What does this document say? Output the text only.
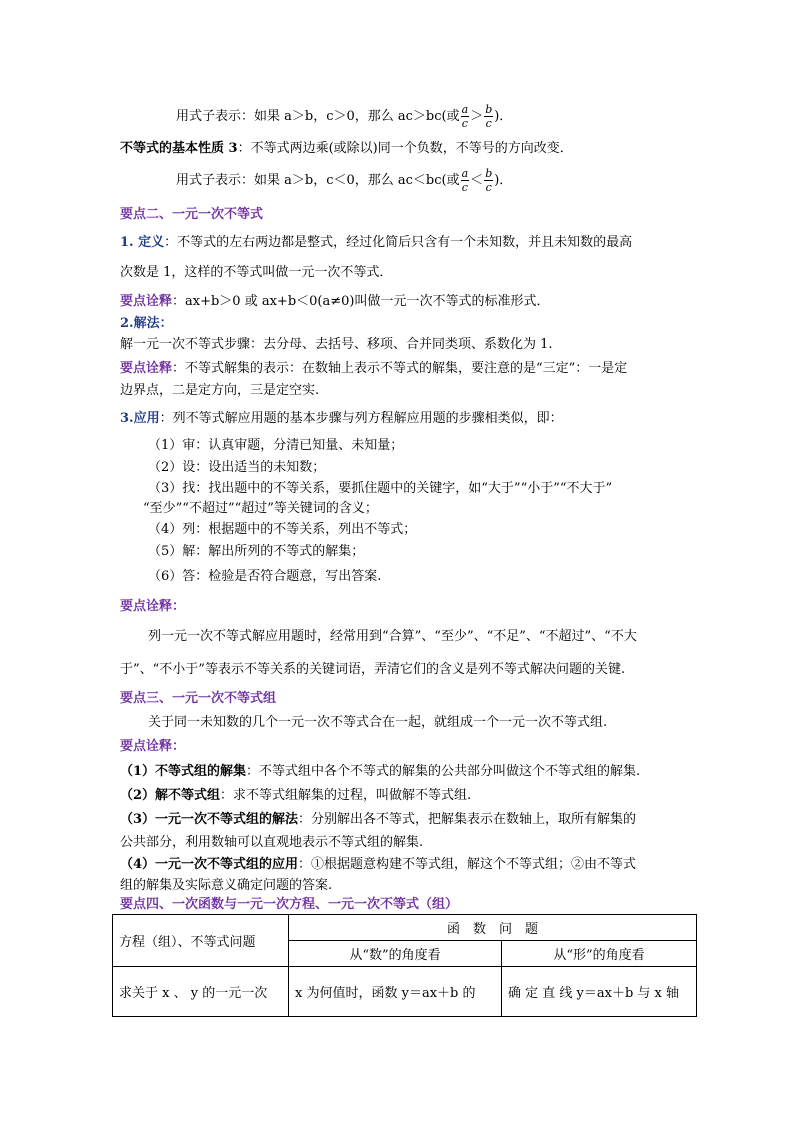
用式子表示：如果 a＞b，c＞0，那么 ac＞bc(或 $\frac{a}{c} > \frac{b}{c}$ )．
不等式的基本性质 3：不等式两边乘(或除以)同一个负数，不等号的方向改变．
用式子表示：如果 a＞b，c＜0，那么 ac＜bc(或 $\frac{a}{c} < \frac{b}{c}$ )．
要点二、一元一次不等式
1. 定义：不等式的左右两边都是整式，经过化简后只含有一个未知数，并且未知数的最高
次数是 1，这样的不等式叫做一元一次不等式．
要点诠释：ax+b＞0 或 ax+b＜0(a≠0)叫做一元一次不等式的标准形式．
2.解法：
解一元一次不等式步骤：去分母、去括号、移项、合并同类项、系数化为 1.
要点诠释：不等式解集的表示：在数轴上表示不等式的解集，要注意的是“三定”：一是定
边界点，二是定方向，三是定空实.
3.应用：列不等式解应用题的基本步骤与列方程解应用题的步骤相类似，即：
（1）审：认真审题，分清已知量、未知量；
（2）设：设出适当的未知数；
（3）找：找出题中的不等关系，要抓住题中的关键字，如“大于”“小于”“不大于”
“至少”“不超过”“超过”等关键词的含义；
（4）列：根据题中的不等关系，列出不等式；
（5）解：解出所列的不等式的解集；
（6）答：检验是否符合题意，写出答案.
要点诠释：
列一元一次不等式解应用题时，经常用到“合算”、“至少”、“不足”、“不超过”、“不大
于”、“不小于”等表示不等关系的关键词语，弄清它们的含义是列不等式解决问题的关键.
要点三、一元一次不等式组
关于同一未知数的几个一元一次不等式合在一起，就组成一个一元一次不等式组.
要点诠释：
（1）不等式组的解集：不等式组中各个不等式的解集的公共部分叫做这个不等式组的解集.
（2）解不等式组：求不等式组解集的过程，叫做解不等式组.
（3）一元一次不等式组的解法：分别解出各不等式，把解集表示在数轴上，取所有解集的
公共部分，利用数轴可以直观地表示不等式组的解集.
（4）一元一次不等式组的应用：①根据题意构建不等式组，解这个不等式组；②由不等式
组的解集及实际意义确定问题的答案.
要点四、一次函数与一元一次方程、一元一次不等式（组）
方程（组）、不等式问题	函　数　问　题	
	从“数”的角度看	从“形”的角度看
求关于 x 、 y 的一元一次	x 为何值时，函数 y＝ax＋b 的	确 定 直 线 y＝ax＋b 与 x 轴
